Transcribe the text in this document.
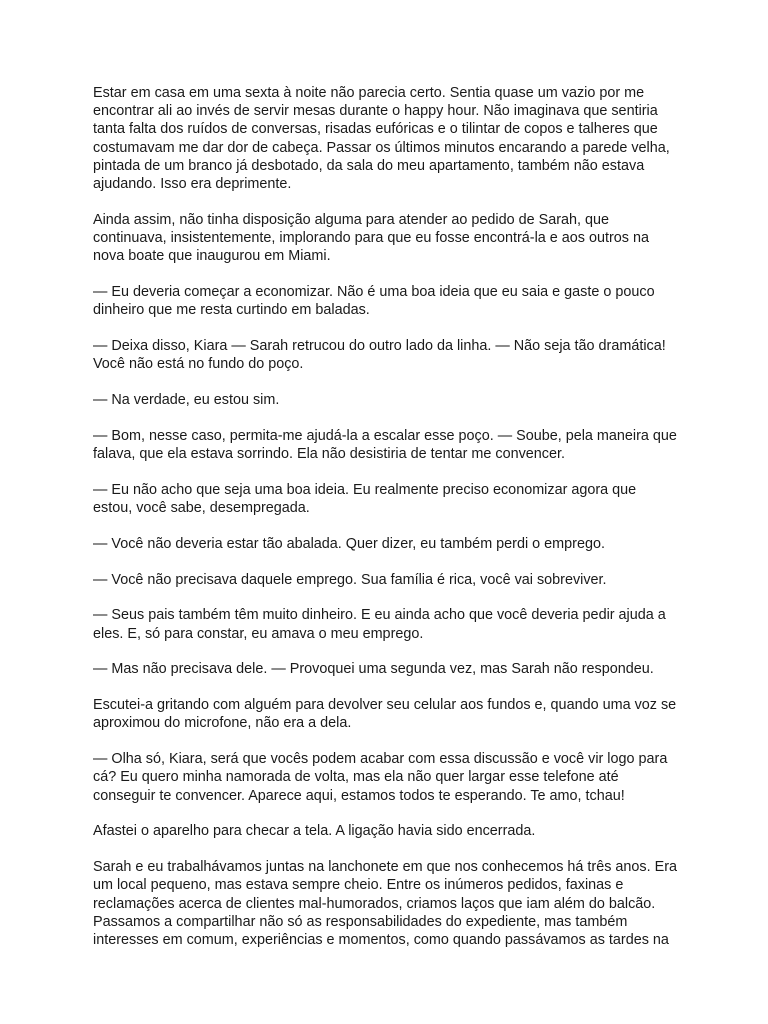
Estar em casa em uma sexta à noite não parecia certo. Sentia quase um vazio por me encontrar ali ao invés de servir mesas durante o happy hour. Não imaginava que sentiria tanta falta dos ruídos de conversas, risadas eufóricas e o tilintar de copos e talheres que costumavam me dar dor de cabeça. Passar os últimos minutos encarando a parede velha, pintada de um branco já desbotado, da sala do meu apartamento, também não estava ajudando. Isso era deprimente.

Ainda assim, não tinha disposição alguma para atender ao pedido de Sarah, que continuava, insistentemente, implorando para que eu fosse encontrá-la e aos outros na nova boate que inaugurou em Miami.

— Eu deveria começar a economizar. Não é uma boa ideia que eu saia e gaste o pouco dinheiro que me resta curtindo em baladas.

— Deixa disso, Kiara — Sarah retrucou do outro lado da linha. — Não seja tão dramática! Você não está no fundo do poço.

— Na verdade, eu estou sim.

— Bom, nesse caso, permita-me ajudá-la a escalar esse poço. — Soube, pela maneira que falava, que ela estava sorrindo. Ela não desistiria de tentar me convencer.

— Eu não acho que seja uma boa ideia. Eu realmente preciso economizar agora que estou, você sabe, desempregada.

— Você não deveria estar tão abalada. Quer dizer, eu também perdi o emprego.

— Você não precisava daquele emprego. Sua família é rica, você vai sobreviver.

— Seus pais também têm muito dinheiro. E eu ainda acho que você deveria pedir ajuda a eles. E, só para constar, eu amava o meu emprego.

— Mas não precisava dele. — Provoquei uma segunda vez, mas Sarah não respondeu.

Escutei-a gritando com alguém para devolver seu celular aos fundos e, quando uma voz se aproximou do microfone, não era a dela.

— Olha só, Kiara, será que vocês podem acabar com essa discussão e você vir logo para cá? Eu quero minha namorada de volta, mas ela não quer largar esse telefone até conseguir te convencer. Aparece aqui, estamos todos te esperando. Te amo, tchau!

Afastei o aparelho para checar a tela. A ligação havia sido encerrada.

Sarah e eu trabalhávamos juntas na lanchonete em que nos conhecemos há três anos. Era um local pequeno, mas estava sempre cheio. Entre os inúmeros pedidos, faxinas e reclamações acerca de clientes mal-humorados, criamos laços que iam além do balcão. Passamos a compartilhar não só as responsabilidades do expediente, mas também interesses em comum, experiências e momentos, como quando passávamos as tardes na
